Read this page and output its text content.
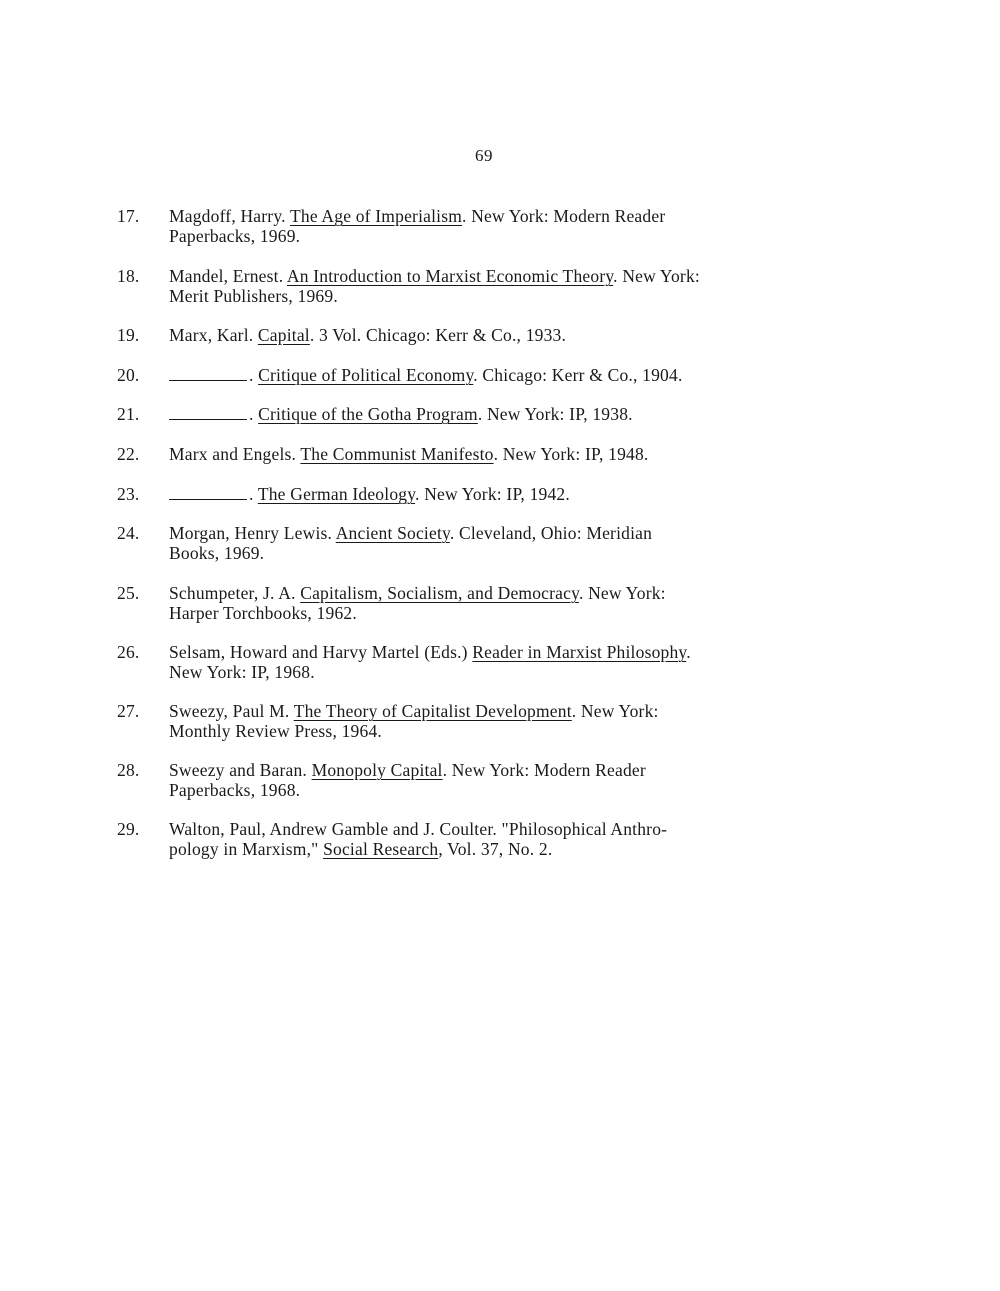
69
17.	Magdoff, Harry. The Age of Imperialism. New York: Modern Reader
Paperbacks, 1969.
18.	Mandel, Ernest. An Introduction to Marxist Economic Theory. New York:
Merit Publishers, 1969.
19.	Marx, Karl. Capital. 3 Vol. Chicago: Kerr & Co., 1933.
20.	. Critique of Political Economy. Chicago: Kerr & Co., 1904.
21.	. Critique of the Gotha Program. New York: IP, 1938.
22.	Marx and Engels. The Communist Manifesto. New York: IP, 1948.
23.	. The German Ideology. New York: IP, 1942.
24.	Morgan, Henry Lewis. Ancient Society. Cleveland, Ohio: Meridian
Books, 1969.
25.	Schumpeter, J. A. Capitalism, Socialism, and Democracy. New York:
Harper Torchbooks, 1962.
26.	Selsam, Howard and Harvy Martel (Eds.) Reader in Marxist Philosophy.
New York: IP, 1968.
27.	Sweezy, Paul M. The Theory of Capitalist Development. New York:
Monthly Review Press, 1964.
28.	Sweezy and Baran. Monopoly Capital. New York: Modern Reader
Paperbacks, 1968.
29.	Walton, Paul, Andrew Gamble and J. Coulter. "Philosophical Anthro-
pology in Marxism," Social Research, Vol. 37, No. 2.
